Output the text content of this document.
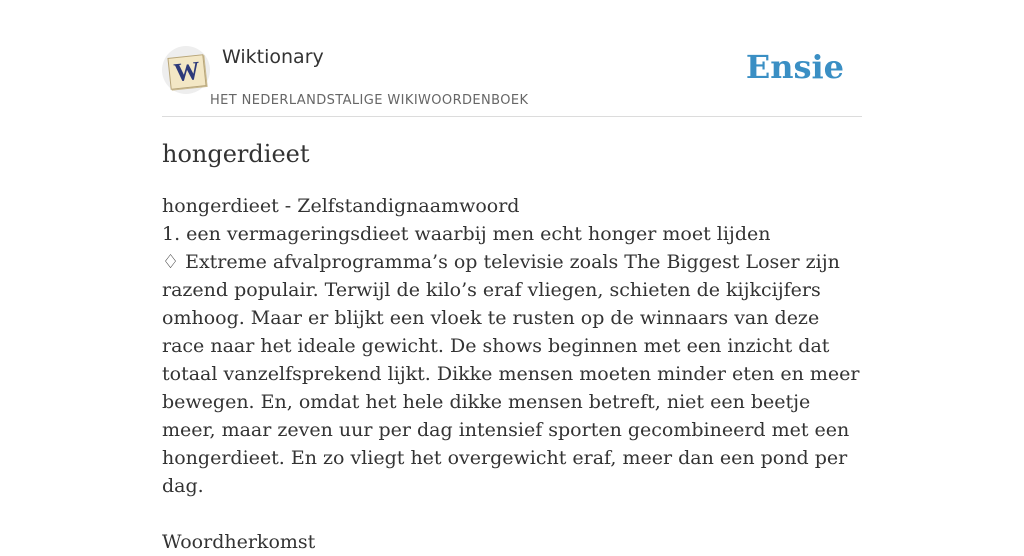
W Wiktionary
HET NEDERLANDSTALIGE WIKIWOORDENBOEK
Ensie
hongerdieet
hongerdieet - Zelfstandignaamwoord
1. een vermageringsdieet waarbij men echt honger moet lijden
♢ Extreme afvalprogramma’s op televisie zoals The Biggest Loser zijn razend populair. Terwijl de kilo’s eraf vliegen, schieten de kijkcijfers omhoog. Maar er blijkt een vloek te rusten op de winnaars van deze race naar het ideale gewicht. De shows beginnen met een inzicht dat totaal vanzelfsprekend lijkt. Dikke mensen moeten minder eten en meer bewegen. En, omdat het hele dikke mensen betreft, niet een beetje meer, maar zeven uur per dag intensief sporten gecombineerd met een hongerdieet. En zo vliegt het overgewicht eraf, meer dan een pond per dag.
Woordherkomst
